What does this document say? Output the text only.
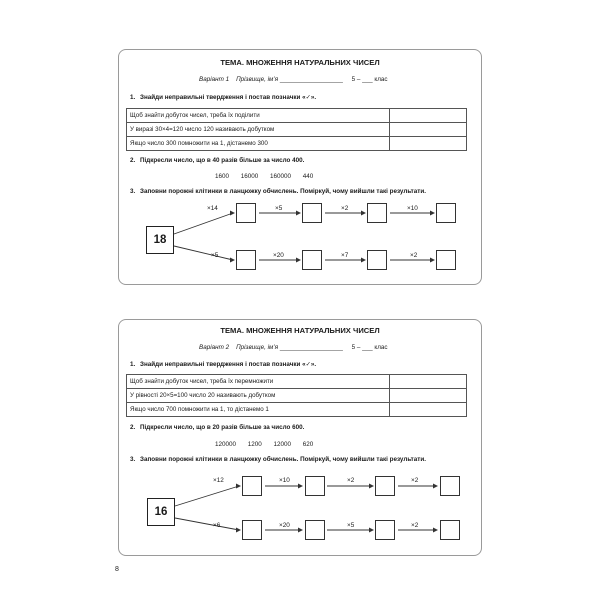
ТЕМА. МНОЖЕННЯ НАТУРАЛЬНИХ ЧИСЕЛ
Варіант 1 Прізвище, ім’я __________________ 5 – ___ клас
1. Знайди неправильні твердження і постав позначки «✓».
Щоб знайти добуток чисел, треба їх поділити	
У виразі 30×4=120 число 120 називають добутком	
Якщо число 300 помножити на 1, дістанемо 300	
2. Підкресли число, що в 40 разів більше за число 400.
1600 16000 160000 440
3. Заповни порожні клітинки в ланцюжку обчислень. Поміркуй, чому вийшли такі результати.
18
×14	×5	×2	×10
×5	×20	×7	×2
ТЕМА. МНОЖЕННЯ НАТУРАЛЬНИХ ЧИСЕЛ
Варіант 2 Прізвище, ім’я __________________ 5 – ___ клас
1. Знайди неправильні твердження і постав позначки «✓».
Щоб знайти добуток чисел, треба їх перемножити	
У рівності 20×5=100 число 20 називають добутком	
Якщо число 700 помножити на 1, то дістанемо 1	
2. Підкресли число, що в 20 разів більше за число 600.
120000 1200 12000 620
3. Заповни порожні клітинки в ланцюжку обчислень. Поміркуй, чому вийшли такі результати.
16
×12	×10	×2	×2
×6	×20	×5	×2
8
